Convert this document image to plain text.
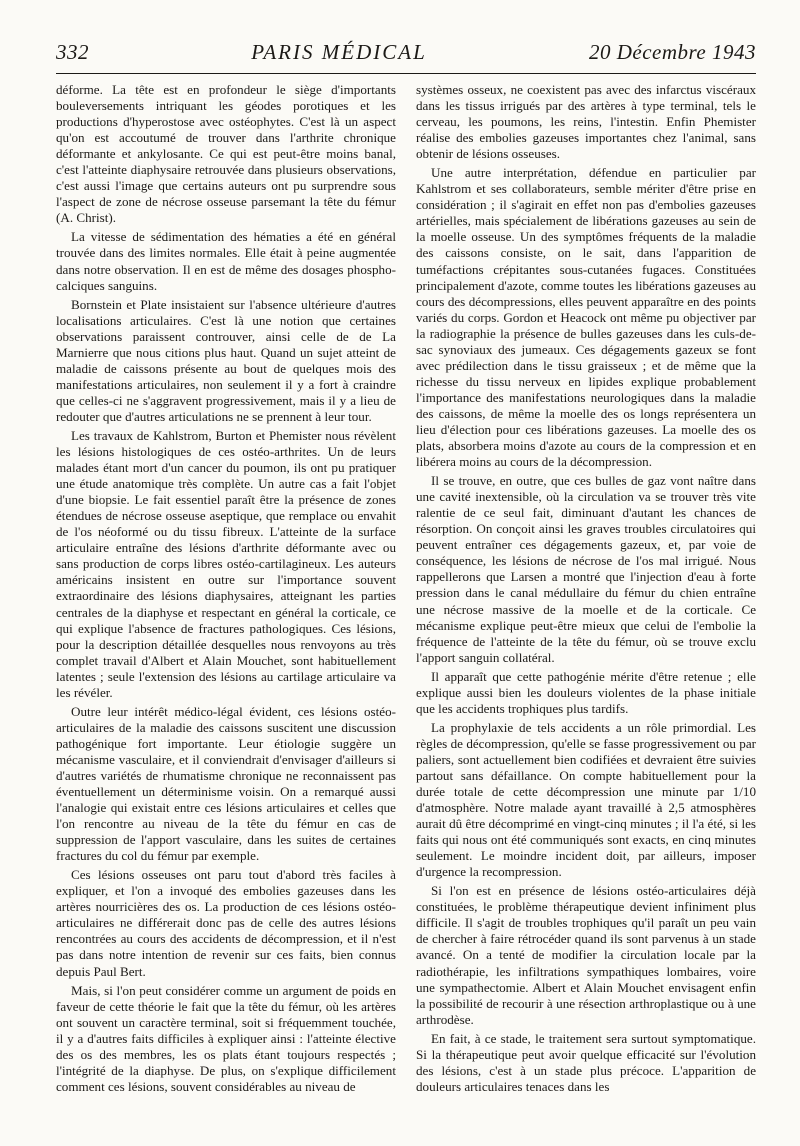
332	PARIS MÉDICAL	20 Décembre 1943

déforme. La tête est en profondeur le siège d'importants bouleversements intriquant les géodes porotiques et les productions d'hyperostose avec ostéophytes. C'est là un aspect qu'on est accoutumé de trouver dans l'arthrite chronique déformante et ankylosante. Ce qui est peut-être moins banal, c'est l'atteinte diaphysaire retrouvée dans plusieurs observations, c'est aussi l'image que certains auteurs ont pu surprendre sous l'aspect de zone de nécrose osseuse parsemant la tête du fémur (A. Christ).

La vitesse de sédimentation des hématies a été en général trouvée dans des limites normales. Elle était à peine augmentée dans notre observation. Il en est de même des dosages phospho-calciques sanguins.

Bornstein et Plate insistaient sur l'absence ultérieure d'autres localisations articulaires. C'est là une notion que certaines observations paraissent controuver, ainsi celle de de La Marnierre que nous citions plus haut. Quand un sujet atteint de maladie de caissons présente au bout de quelques mois des manifestations articulaires, non seulement il y a fort à craindre que celles-ci ne s'aggravent progressivement, mais il y a lieu de redouter que d'autres articulations ne se prennent à leur tour.

Les travaux de Kahlstrom, Burton et Phemister nous révèlent les lésions histologiques de ces ostéo-arthrites. Un de leurs malades étant mort d'un cancer du poumon, ils ont pu pratiquer une étude anatomique très complète. Un autre cas a fait l'objet d'une biopsie. Le fait essentiel paraît être la présence de zones étendues de nécrose osseuse aseptique, que remplace ou envahit de l'os néoformé ou du tissu fibreux. L'atteinte de la surface articulaire entraîne des lésions d'arthrite déformante avec ou sans production de corps libres ostéo-cartilagineux. Les auteurs américains insistent en outre sur l'importance souvent extraordinaire des lésions diaphysaires, atteignant les parties centrales de la diaphyse et respectant en général la corticale, ce qui explique l'absence de fractures pathologiques. Ces lésions, pour la description détaillée desquelles nous renvoyons au très complet travail d'Albert et Alain Mouchet, sont habituellement latentes ; seule l'extension des lésions au cartilage articulaire va les révéler.

Outre leur intérêt médico-légal évident, ces lésions ostéo-articulaires de la maladie des caissons suscitent une discussion pathogénique fort importante. Leur étiologie suggère un mécanisme vasculaire, et il conviendrait d'envisager d'ailleurs si d'autres variétés de rhumatisme chronique ne reconnaissent pas éventuellement un déterminisme voisin. On a remarqué aussi l'analogie qui existait entre ces lésions articulaires et celles que l'on rencontre au niveau de la tête du fémur en cas de suppression de l'apport vasculaire, dans les suites de certaines fractures du col du fémur par exemple.

Ces lésions osseuses ont paru tout d'abord très faciles à expliquer, et l'on a invoqué des embolies gazeuses dans les artères nourricières des os. La production de ces lésions ostéo-articulaires ne différerait donc pas de celle des autres lésions rencontrées au cours des accidents de décompression, et il n'est pas dans notre intention de revenir sur ces faits, bien connus depuis Paul Bert.

Mais, si l'on peut considérer comme un argument de poids en faveur de cette théorie le fait que la tête du fémur, où les artères ont souvent un caractère terminal, soit si fréquemment touchée, il y a d'autres faits difficiles à expliquer ainsi : l'atteinte élective des os des membres, les os plats étant toujours respectés ; l'intégrité de la diaphyse. De plus, on s'explique difficilement comment ces lésions, souvent considérables au niveau de

systèmes osseux, ne coexistent pas avec des infarctus viscéraux dans les tissus irrigués par des artères à type terminal, tels le cerveau, les poumons, les reins, l'intestin. Enfin Phemister réalise des embolies gazeuses importantes chez l'animal, sans obtenir de lésions osseuses.

Une autre interprétation, défendue en particulier par Kahlstrom et ses collaborateurs, semble mériter d'être prise en considération ; il s'agirait en effet non pas d'embolies gazeuses artérielles, mais spécialement de libérations gazeuses au sein de la moelle osseuse. Un des symptômes fréquents de la maladie des caissons consiste, on le sait, dans l'apparition de tuméfactions crépitantes sous-cutanées fugaces. Constituées principalement d'azote, comme toutes les libérations gazeuses au cours des décompressions, elles peuvent apparaître en des points variés du corps. Gordon et Heacock ont même pu objectiver par la radiographie la présence de bulles gazeuses dans les culs-de-sac synoviaux des jumeaux. Ces dégagements gazeux se font avec prédilection dans le tissu graisseux ; et de même que la richesse du tissu nerveux en lipides explique probablement l'importance des manifestations neurologiques dans la maladie des caissons, de même la moelle des os longs représentera un lieu d'élection pour ces libérations gazeuses. La moelle des os plats, absorbera moins d'azote au cours de la compression et en libérera moins au cours de la décompression.

Il se trouve, en outre, que ces bulles de gaz vont naître dans une cavité inextensible, où la circulation va se trouver très vite ralentie de ce seul fait, diminuant d'autant les chances de résorption. On conçoit ainsi les graves troubles circulatoires qui peuvent entraîner ces dégagements gazeux, et, par voie de conséquence, les lésions de nécrose de l'os mal irrigué. Nous rappellerons que Larsen a montré que l'injection d'eau à forte pression dans le canal médullaire du fémur du chien entraîne une nécrose massive de la moelle et de la corticale. Ce mécanisme explique peut-être mieux que celui de l'embolie la fréquence de l'atteinte de la tête du fémur, où se trouve exclu l'apport sanguin collatéral.

Il apparaît que cette pathogénie mérite d'être retenue ; elle explique aussi bien les douleurs violentes de la phase initiale que les accidents trophiques plus tardifs.

La prophylaxie de tels accidents a un rôle primordial. Les règles de décompression, qu'elle se fasse progressivement ou par paliers, sont actuellement bien codifiées et devraient être suivies partout sans défaillance. On compte habituellement pour la durée totale de cette décompression une minute par 1/10 d'atmosphère. Notre malade ayant travaillé à 2,5 atmosphères aurait dû être décomprimé en vingt-cinq minutes ; il l'a été, si les faits qui nous ont été communiqués sont exacts, en cinq minutes seulement. Le moindre incident doit, par ailleurs, imposer d'urgence la recompression.

Si l'on est en présence de lésions ostéo-articulaires déjà constituées, le problème thérapeutique devient infiniment plus difficile. Il s'agit de troubles trophiques qu'il paraît un peu vain de chercher à faire rétrocéder quand ils sont parvenus à un stade avancé. On a tenté de modifier la circulation locale par la radiothérapie, les infiltrations sympathiques lombaires, voire une sympathectomie. Albert et Alain Mouchet envisagent enfin la possibilité de recourir à une résection arthroplastique ou à une arthrodèse.

En fait, à ce stade, le traitement sera surtout symptomatique. Si la thérapeutique peut avoir quelque efficacité sur l'évolution des lésions, c'est à un stade plus précoce. L'apparition de douleurs articulaires tenaces dans les
